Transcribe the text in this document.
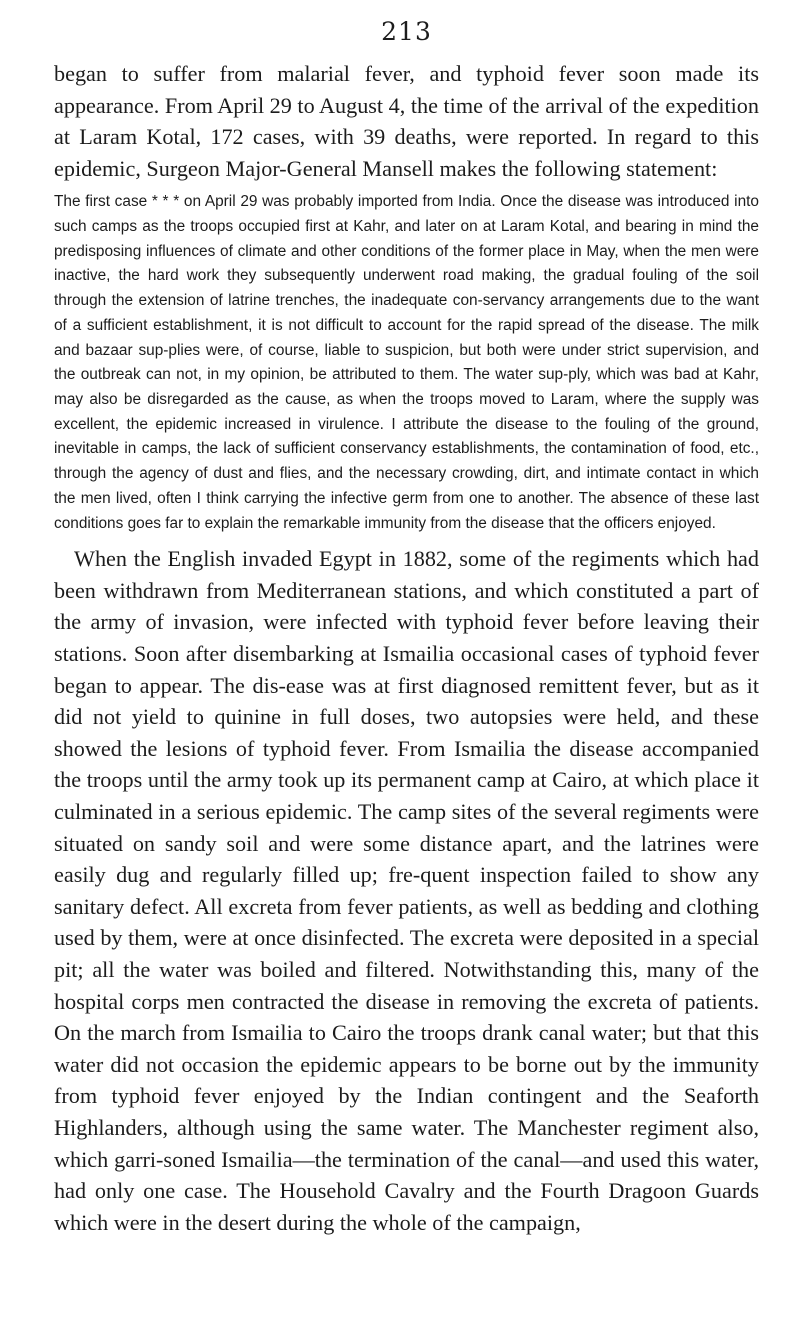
213

began to suffer from malarial fever, and typhoid fever soon made its appearance. From April 29 to August 4, the time of the arrival of the expedition at Laram Kotal, 172 cases, with 39 deaths, were reported. In regard to this epidemic, Surgeon Major-General Mansell makes the following statement:

The first case * * * on April 29 was probably imported from India. Once the disease was introduced into such camps as the troops occupied first at Kahr, and later on at Laram Kotal, and bearing in mind the predisposing influences of climate and other conditions of the former place in May, when the men were inactive, the hard work they subsequently underwent road making, the gradual fouling of the soil through the extension of latrine trenches, the inadequate con-servancy arrangements due to the want of a sufficient establishment, it is not difficult to account for the rapid spread of the disease. The milk and bazaar sup-plies were, of course, liable to suspicion, but both were under strict supervision, and the outbreak can not, in my opinion, be attributed to them. The water sup-ply, which was bad at Kahr, may also be disregarded as the cause, as when the troops moved to Laram, where the supply was excellent, the epidemic increased in virulence. I attribute the disease to the fouling of the ground, inevitable in camps, the lack of sufficient conservancy establishments, the contamination of food, etc., through the agency of dust and flies, and the necessary crowding, dirt, and intimate contact in which the men lived, often I think carrying the infective germ from one to another. The absence of these last conditions goes far to explain the remarkable immunity from the disease that the officers enjoyed.

When the English invaded Egypt in 1882, some of the regiments which had been withdrawn from Mediterranean stations, and which constituted a part of the army of invasion, were infected with typhoid fever before leaving their stations. Soon after disembarking at Ismailia occasional cases of typhoid fever began to appear. The dis-ease was at first diagnosed remittent fever, but as it did not yield to quinine in full doses, two autopsies were held, and these showed the lesions of typhoid fever. From Ismailia the disease accompanied the troops until the army took up its permanent camp at Cairo, at which place it culminated in a serious epidemic. The camp sites of the several regiments were situated on sandy soil and were some distance apart, and the latrines were easily dug and regularly filled up; fre-quent inspection failed to show any sanitary defect. All excreta from fever patients, as well as bedding and clothing used by them, were at once disinfected. The excreta were deposited in a special pit; all the water was boiled and filtered. Notwithstanding this, many of the hospital corps men contracted the disease in removing the excreta of patients. On the march from Ismailia to Cairo the troops drank canal water; but that this water did not occasion the epidemic appears to be borne out by the immunity from typhoid fever enjoyed by the Indian contingent and the Seaforth Highlanders, although using the same water. The Manchester regiment also, which garri-soned Ismailia—the termination of the canal—and used this water, had only one case. The Household Cavalry and the Fourth Dragoon Guards which were in the desert during the whole of the campaign,
